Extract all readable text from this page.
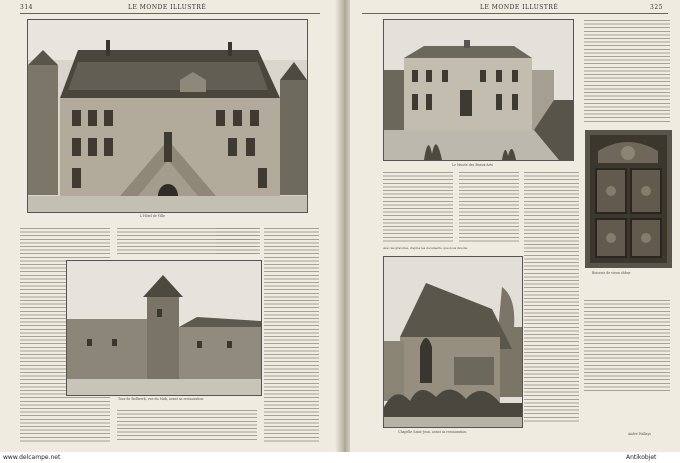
314	LE MONDE ILLUSTRÉ
L'Hôtel de Ville
Tour de Bollwerk, vue du Midi, avant sa restauration
LE MONDE ILLUSTRÉ	325
Le Musée des Beaux-Arts
Avec les gravures, d'après les documents, que nous devons.
Chapelle Saint-Jean, avant sa restauration
Boiserie de vieux chêne
André Hallays
www.delcampe.net	Antikobjet
